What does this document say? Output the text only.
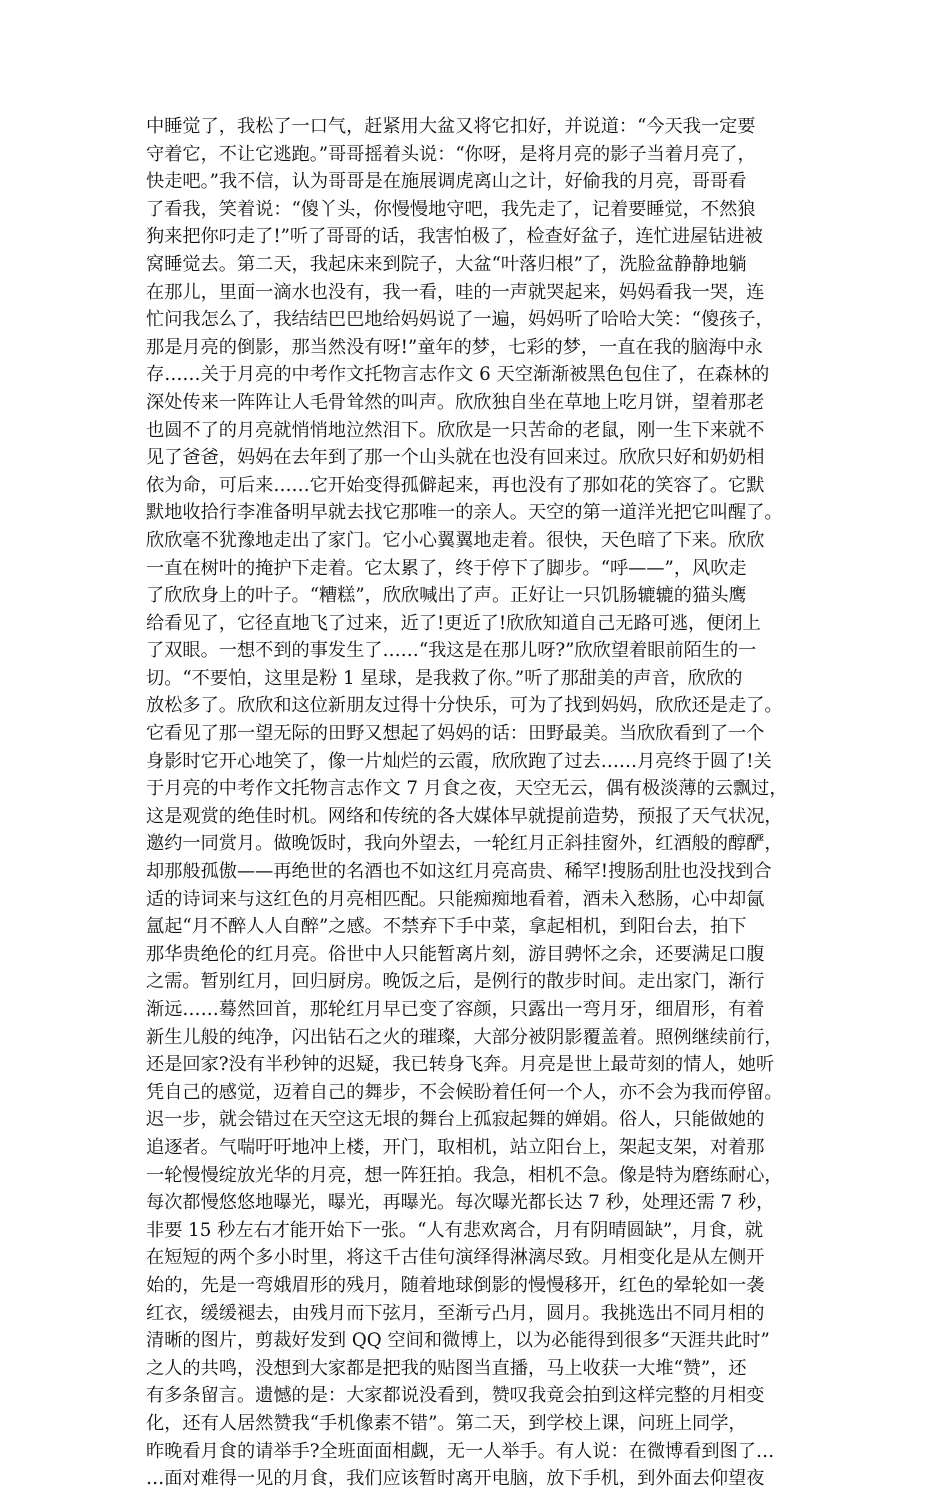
中睡觉了，我松了一口气，赶紧用大盆又将它扣好，并说道：“今天我一定要
守着它，不让它逃跑。”哥哥摇着头说：“你呀，是将月亮的影子当着月亮了，
快走吧。”我不信，认为哥哥是在施展调虎离山之计，好偷我的月亮，哥哥看
了看我，笑着说：“傻丫头，你慢慢地守吧，我先走了，记着要睡觉，不然狼
狗来把你叼走了!”听了哥哥的话，我害怕极了，检查好盆子，连忙进屋钻进被
窝睡觉去。第二天，我起床来到院子，大盆“叶落归根”了，洗脸盆静静地躺
在那儿，里面一滴水也没有，我一看，哇的一声就哭起来，妈妈看我一哭，连
忙问我怎么了，我结结巴巴地给妈妈说了一遍，妈妈听了哈哈大笑：“傻孩子，
那是月亮的倒影，那当然没有呀!”童年的梦，七彩的梦，一直在我的脑海中永
存……关于月亮的中考作文托物言志作文 6 天空渐渐被黑色包住了，在森林的
深处传来一阵阵让人毛骨耸然的叫声。欣欣独自坐在草地上吃月饼，望着那老
也圆不了的月亮就悄悄地泣然泪下。欣欣是一只苦命的老鼠，刚一生下来就不
见了爸爸，妈妈在去年到了那一个山头就在也没有回来过。欣欣只好和奶奶相
依为命，可后来……它开始变得孤僻起来，再也没有了那如花的笑容了。它默
默地收拾行李准备明早就去找它那唯一的亲人。天空的第一道洋光把它叫醒了。
欣欣毫不犹豫地走出了家门。它小心翼翼地走着。很快，天色暗了下来。欣欣
一直在树叶的掩护下走着。它太累了，终于停下了脚步。“呼——”，风吹走
了欣欣身上的叶子。“糟糕”，欣欣喊出了声。正好让一只饥肠辘辘的猫头鹰
给看见了，它径直地飞了过来，近了!更近了!欣欣知道自己无路可逃，便闭上
了双眼。一想不到的事发生了……“我这是在那儿呀?”欣欣望着眼前陌生的一
切。“不要怕，这里是粉 1 星球，是我救了你。”听了那甜美的声音，欣欣的
放松多了。欣欣和这位新朋友过得十分快乐，可为了找到妈妈，欣欣还是走了。
它看见了那一望无际的田野又想起了妈妈的话：田野最美。当欣欣看到了一个
身影时它开心地笑了，像一片灿烂的云霞，欣欣跑了过去……月亮终于圆了!关
于月亮的中考作文托物言志作文 7 月食之夜，天空无云，偶有极淡薄的云飘过，
这是观赏的绝佳时机。网络和传统的各大媒体早就提前造势，预报了天气状况，
邀约一同赏月。做晚饭时，我向外望去，一轮红月正斜挂窗外，红酒般的醇酽，
却那般孤傲——再绝世的名酒也不如这红月亮高贵、稀罕!搜肠刮肚也没找到合
适的诗词来与这红色的月亮相匹配。只能痴痴地看着，酒未入愁肠，心中却氤
氲起“月不醉人人自醉”之感。不禁弃下手中菜，拿起相机，到阳台去，拍下
那华贵绝伦的红月亮。俗世中人只能暂离片刻，游目骋怀之余，还要满足口腹
之需。暂别红月，回归厨房。晚饭之后，是例行的散步时间。走出家门，渐行
渐远……蓦然回首，那轮红月早已变了容颜，只露出一弯月牙，细眉形，有着
新生儿般的纯净，闪出钻石之火的璀璨，大部分被阴影覆盖着。照例继续前行，
还是回家?没有半秒钟的迟疑，我已转身飞奔。月亮是世上最苛刻的情人，她听
凭自己的感觉，迈着自己的舞步，不会候盼着任何一个人，亦不会为我而停留。
迟一步，就会错过在天空这无垠的舞台上孤寂起舞的婵娟。俗人，只能做她的
追逐者。气喘吁吁地冲上楼，开门，取相机，站立阳台上，架起支架，对着那
一轮慢慢绽放光华的月亮，想一阵狂拍。我急，相机不急。像是特为磨练耐心，
每次都慢悠悠地曝光，曝光，再曝光。每次曝光都长达 7 秒，处理还需 7 秒，
非要 15 秒左右才能开始下一张。“人有悲欢离合，月有阴晴圆缺”，月食，就
在短短的两个多小时里，将这千古佳句演绎得淋漓尽致。月相变化是从左侧开
始的，先是一弯娥眉形的残月，随着地球倒影的慢慢移开，红色的晕轮如一袭
红衣，缓缓褪去，由残月而下弦月，至渐亏凸月，圆月。我挑选出不同月相的
清晰的图片，剪裁好发到 QQ 空间和微博上，以为必能得到很多“天涯共此时”
之人的共鸣，没想到大家都是把我的贴图当直播，马上收获一大堆“赞”，还
有多条留言。遗憾的是：大家都说没看到，赞叹我竟会拍到这样完整的月相变
化，还有人居然赞我“手机像素不错”。第二天，到学校上课，问班上同学，
昨晚看月食的请举手?全班面面相觑，无一人举手。有人说：在微博看到图了…
…面对难得一见的月食，我们应该暂时离开电脑，放下手机，到外面去仰望夜
